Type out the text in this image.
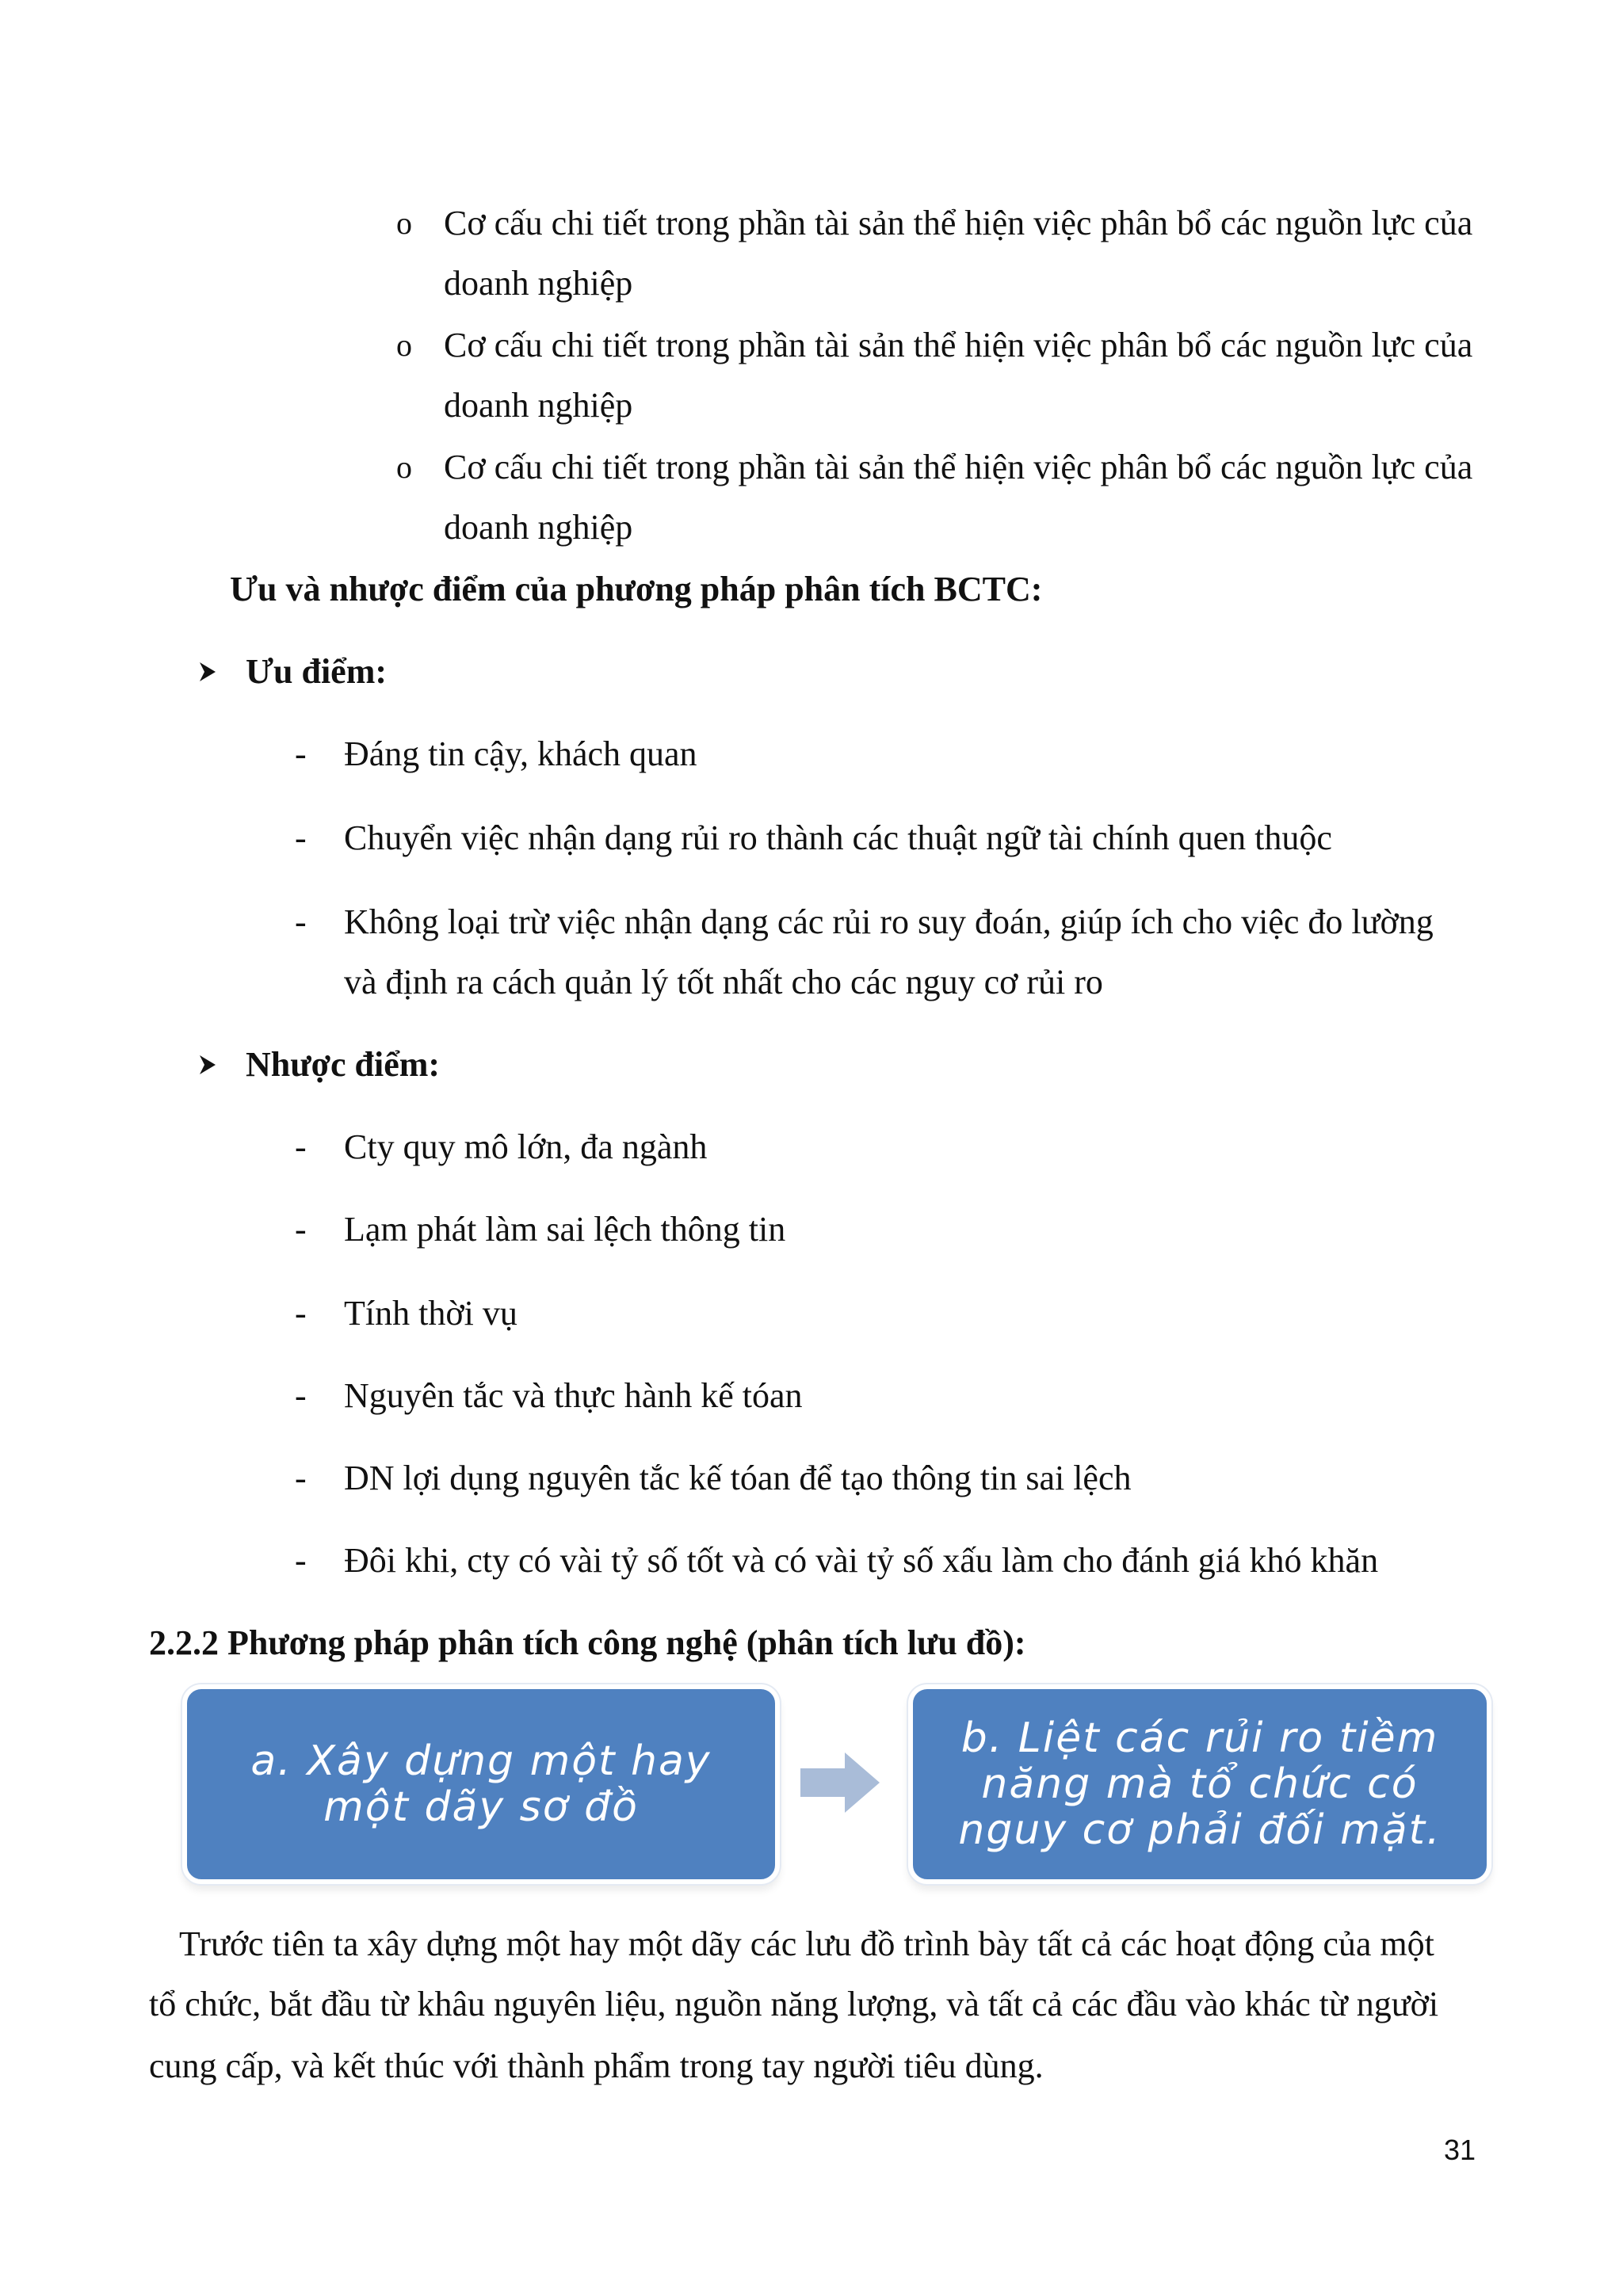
o Cơ cấu chi tiết trong phần tài sản thể hiện việc phân bổ các nguồn lực của
doanh nghiệp
o Cơ cấu chi tiết trong phần tài sản thể hiện việc phân bổ các nguồn lực của
doanh nghiệp
o Cơ cấu chi tiết trong phần tài sản thể hiện việc phân bổ các nguồn lực của
doanh nghiệp
Ưu và nhược điểm của phương pháp phân tích BCTC:
Ưu điểm:
- Đáng tin cậy, khách quan
- Chuyển việc nhận dạng rủi ro thành các thuật ngữ tài chính quen thuộc
- Không loại trừ việc nhận dạng các rủi ro suy đoán, giúp ích cho việc đo lường
và định ra cách quản lý tốt nhất cho các nguy cơ rủi ro
Nhược điểm:
- Cty quy mô lớn, đa ngành
- Lạm phát làm sai lệch thông tin
- Tính thời vụ
- Nguyên tắc và thực hành kế tóan
- DN lợi dụng nguyên tắc kế tóan để tạo thông tin sai lệch
- Đôi khi, cty có vài tỷ số tốt và có vài tỷ số xấu làm cho đánh giá khó khăn
2.2.2 Phương pháp phân tích công nghệ (phân tích lưu đồ):
a. Xây dựng một hay
một dãy sơ đồ
b. Liệt các rủi ro tiềm
năng mà tổ chức có
nguy cơ phải đối mặt.
Trước tiên ta xây dựng một hay một dãy các lưu đồ trình bày tất cả các hoạt động của một
tổ chức, bắt đầu từ khâu nguyên liệu, nguồn năng lượng, và tất cả các đầu vào khác từ người
cung cấp, và kết thúc với thành phẩm trong tay người tiêu dùng.
31
